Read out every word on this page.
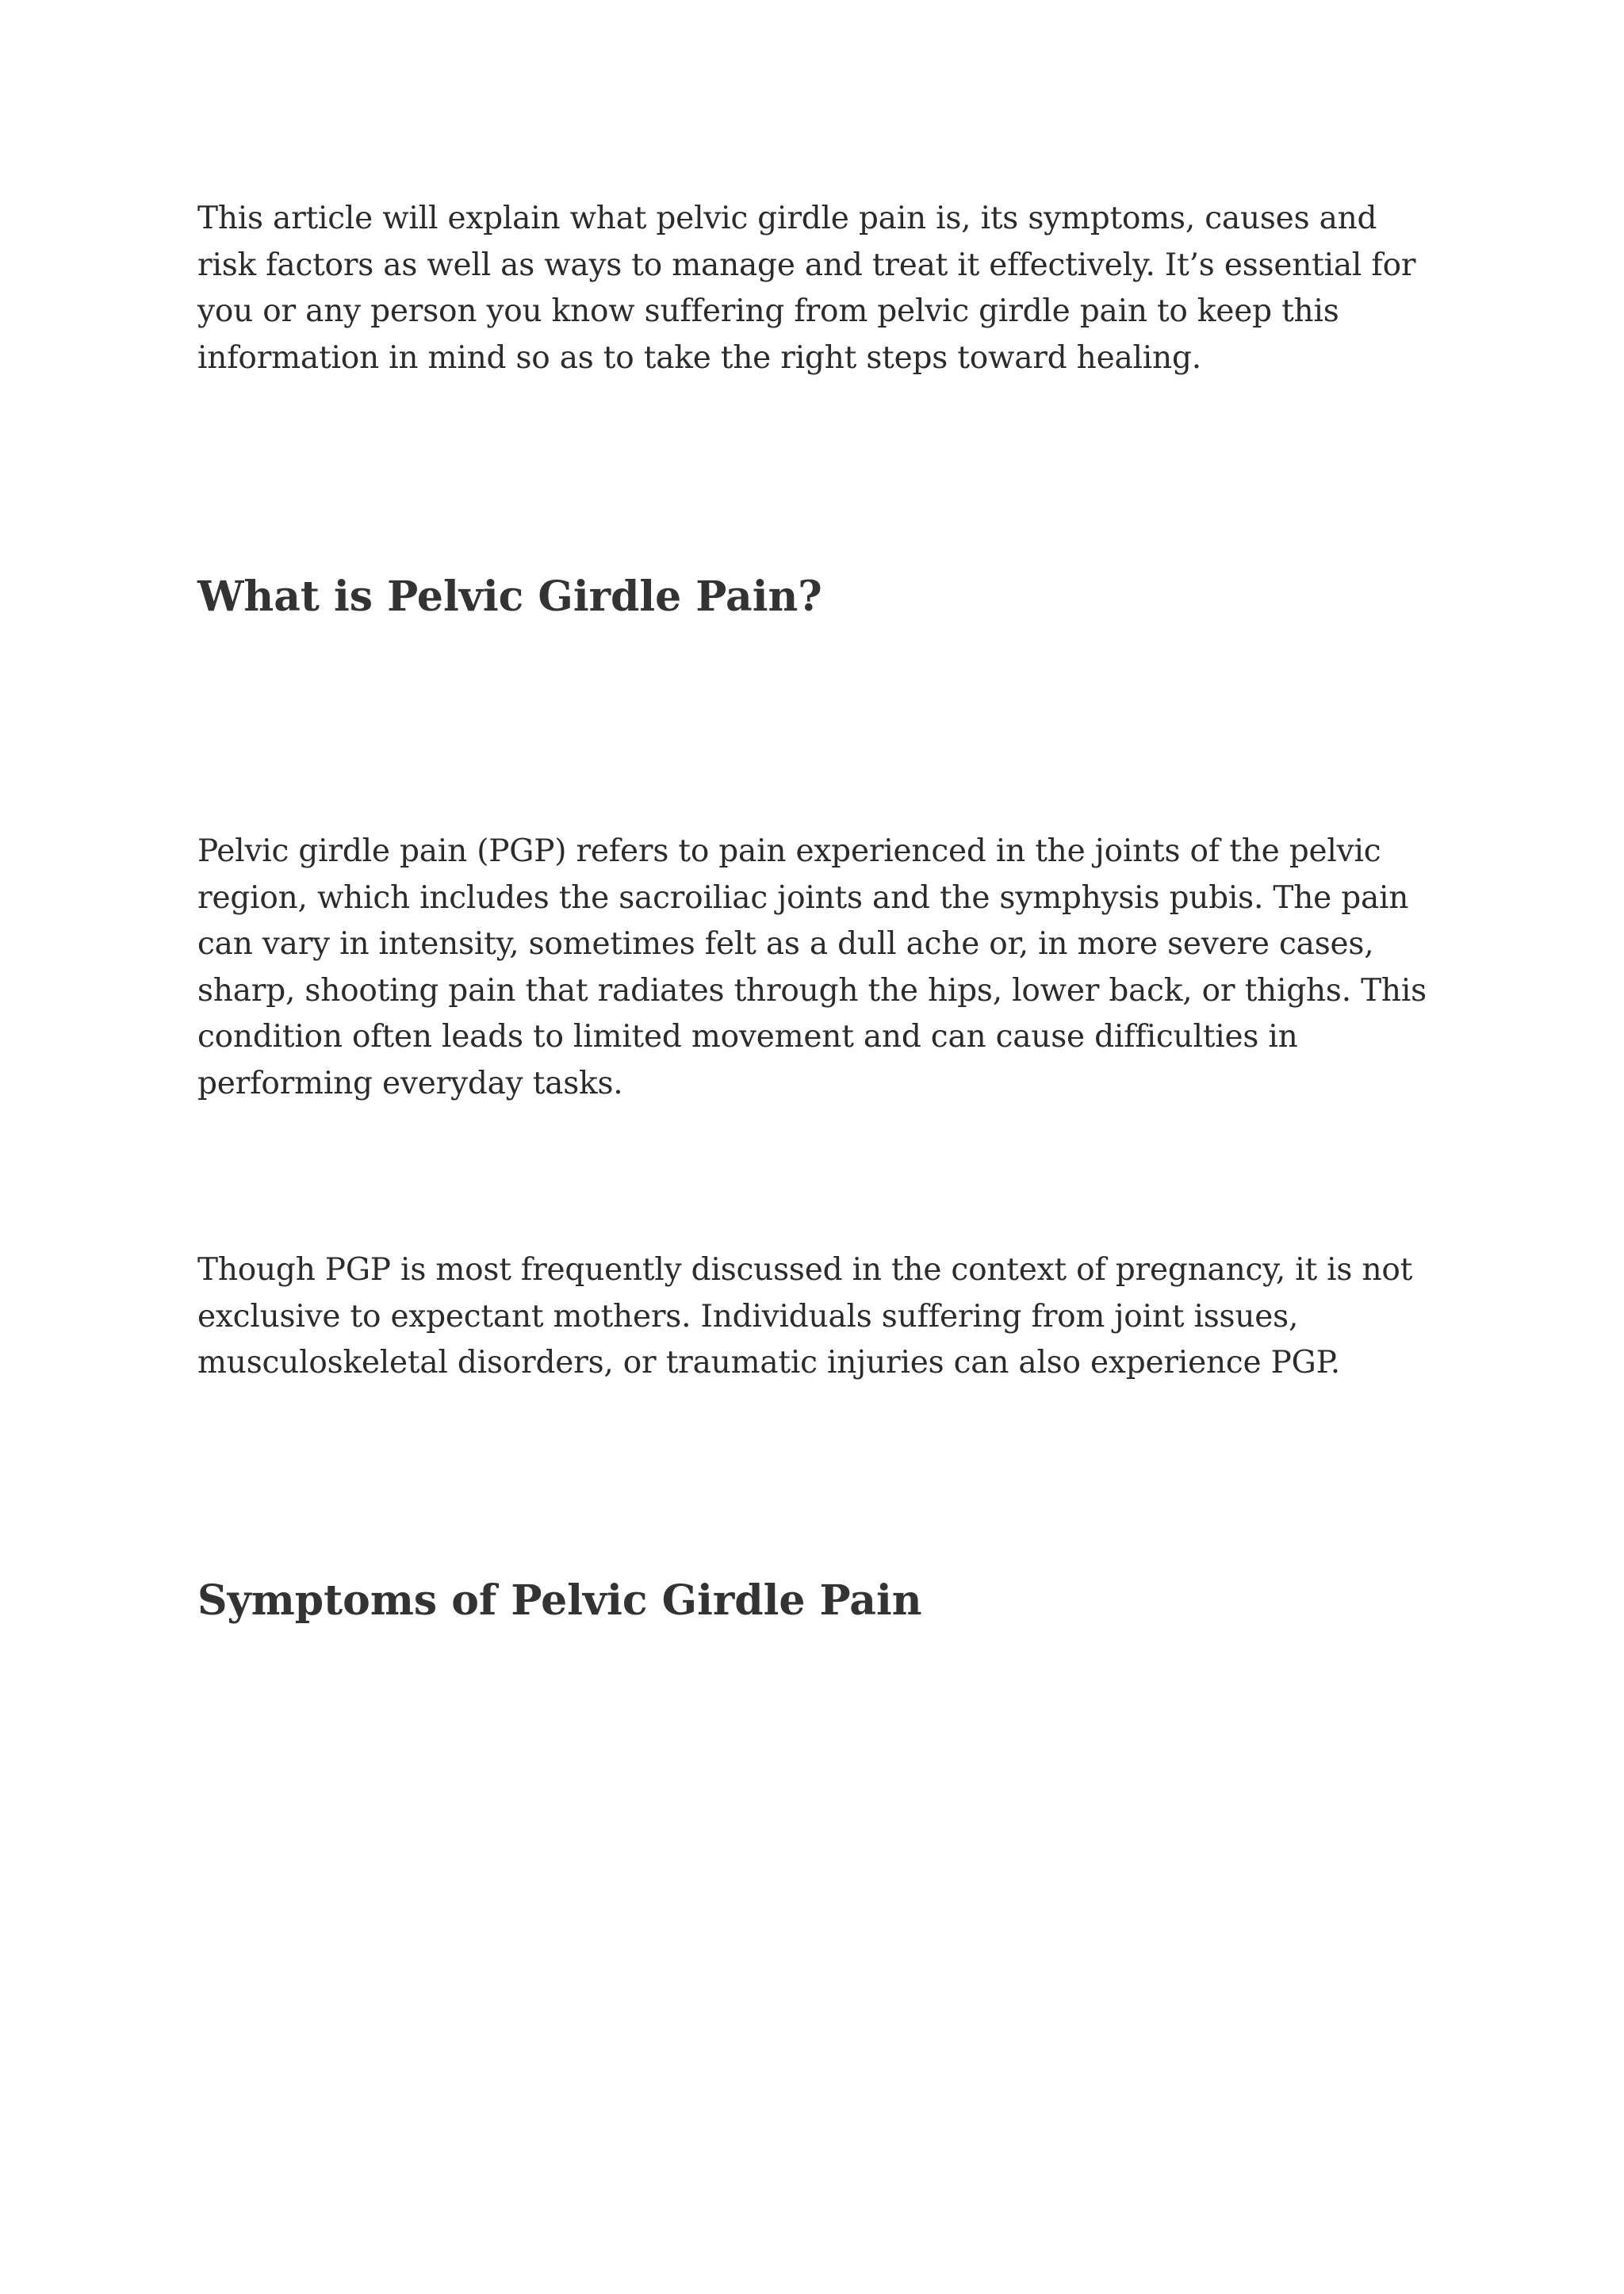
This article will explain what pelvic girdle pain is, its symptoms, causes and risk factors as well as ways to manage and treat it effectively. It’s essential for you or any person you know suffering from pelvic girdle pain to keep this information in mind so as to take the right steps toward healing.

What is Pelvic Girdle Pain?

Pelvic girdle pain (PGP) refers to pain experienced in the joints of the pelvic region, which includes the sacroiliac joints and the symphysis pubis. The pain can vary in intensity, sometimes felt as a dull ache or, in more severe cases, sharp, shooting pain that radiates through the hips, lower back, or thighs. This condition often leads to limited movement and can cause difficulties in performing everyday tasks.

Though PGP is most frequently discussed in the context of pregnancy, it is not exclusive to expectant mothers. Individuals suffering from joint issues, musculoskeletal disorders, or traumatic injuries can also experience PGP.

Symptoms of Pelvic Girdle Pain
